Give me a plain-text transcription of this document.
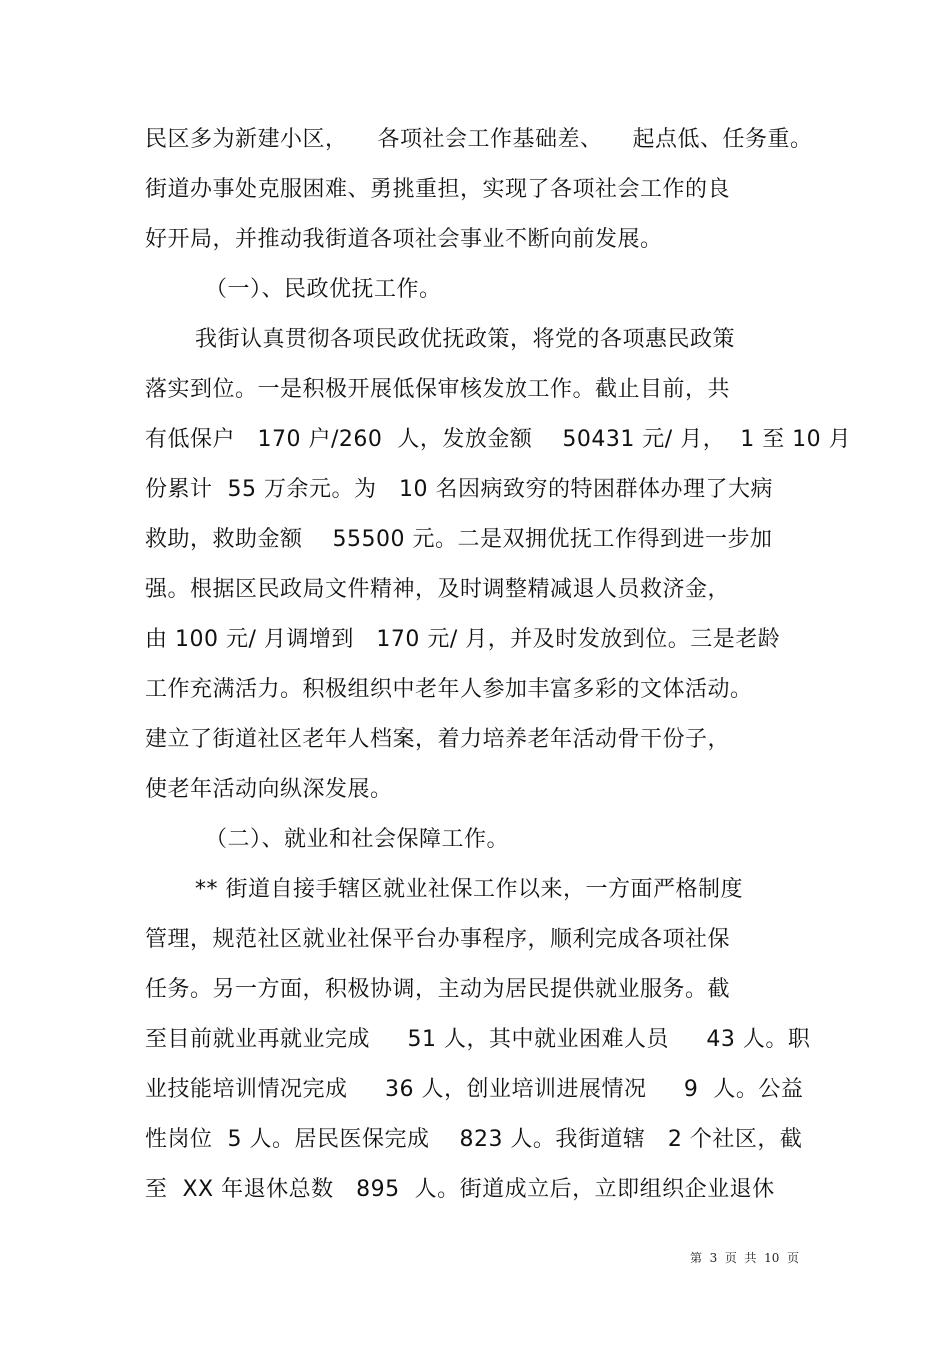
民区多为新建小区，    各项社会工作基础差、    起点低、任务重。
街道办事处克服困难、勇挑重担，实现了各项社会工作的良
好开局，并推动我街道各项社会事业不断向前发展。
（一）、民政优抚工作。
我街认真贯彻各项民政优抚政策，将党的各项惠民政策
落实到位。一是积极开展低保审核发放工作。截止目前，共
有低保户   170 户/260  人，发放金额    50431 元/ 月，  1 至 10 月
份累计  55 万余元。为   10 名因病致穷的特困群体办理了大病
救助，救助金额    55500 元。二是双拥优抚工作得到进一步加
强。根据区民政局文件精神，及时调整精减退人员救济金，
由 100 元/ 月调增到   170 元/ 月，并及时发放到位。三是老龄
工作充满活力。积极组织中老年人参加丰富多彩的文体活动。
建立了街道社区老年人档案，着力培养老年活动骨干份子，
使老年活动向纵深发展。
（二）、就业和社会保障工作。
** 街道自接手辖区就业社保工作以来，一方面严格制度
管理，规范社区就业社保平台办事程序，顺利完成各项社保
任务。另一方面，积极协调，主动为居民提供就业服务。截
至目前就业再就业完成     51 人，其中就业困难人员     43 人。职
业技能培训情况完成     36 人，创业培训进展情况     9  人。公益
性岗位  5 人。居民医保完成    823 人。我街道辖   2 个社区，截
至  XX 年退休总数   895  人。街道成立后，立即组织企业退休
第  3  页  共  10  页
